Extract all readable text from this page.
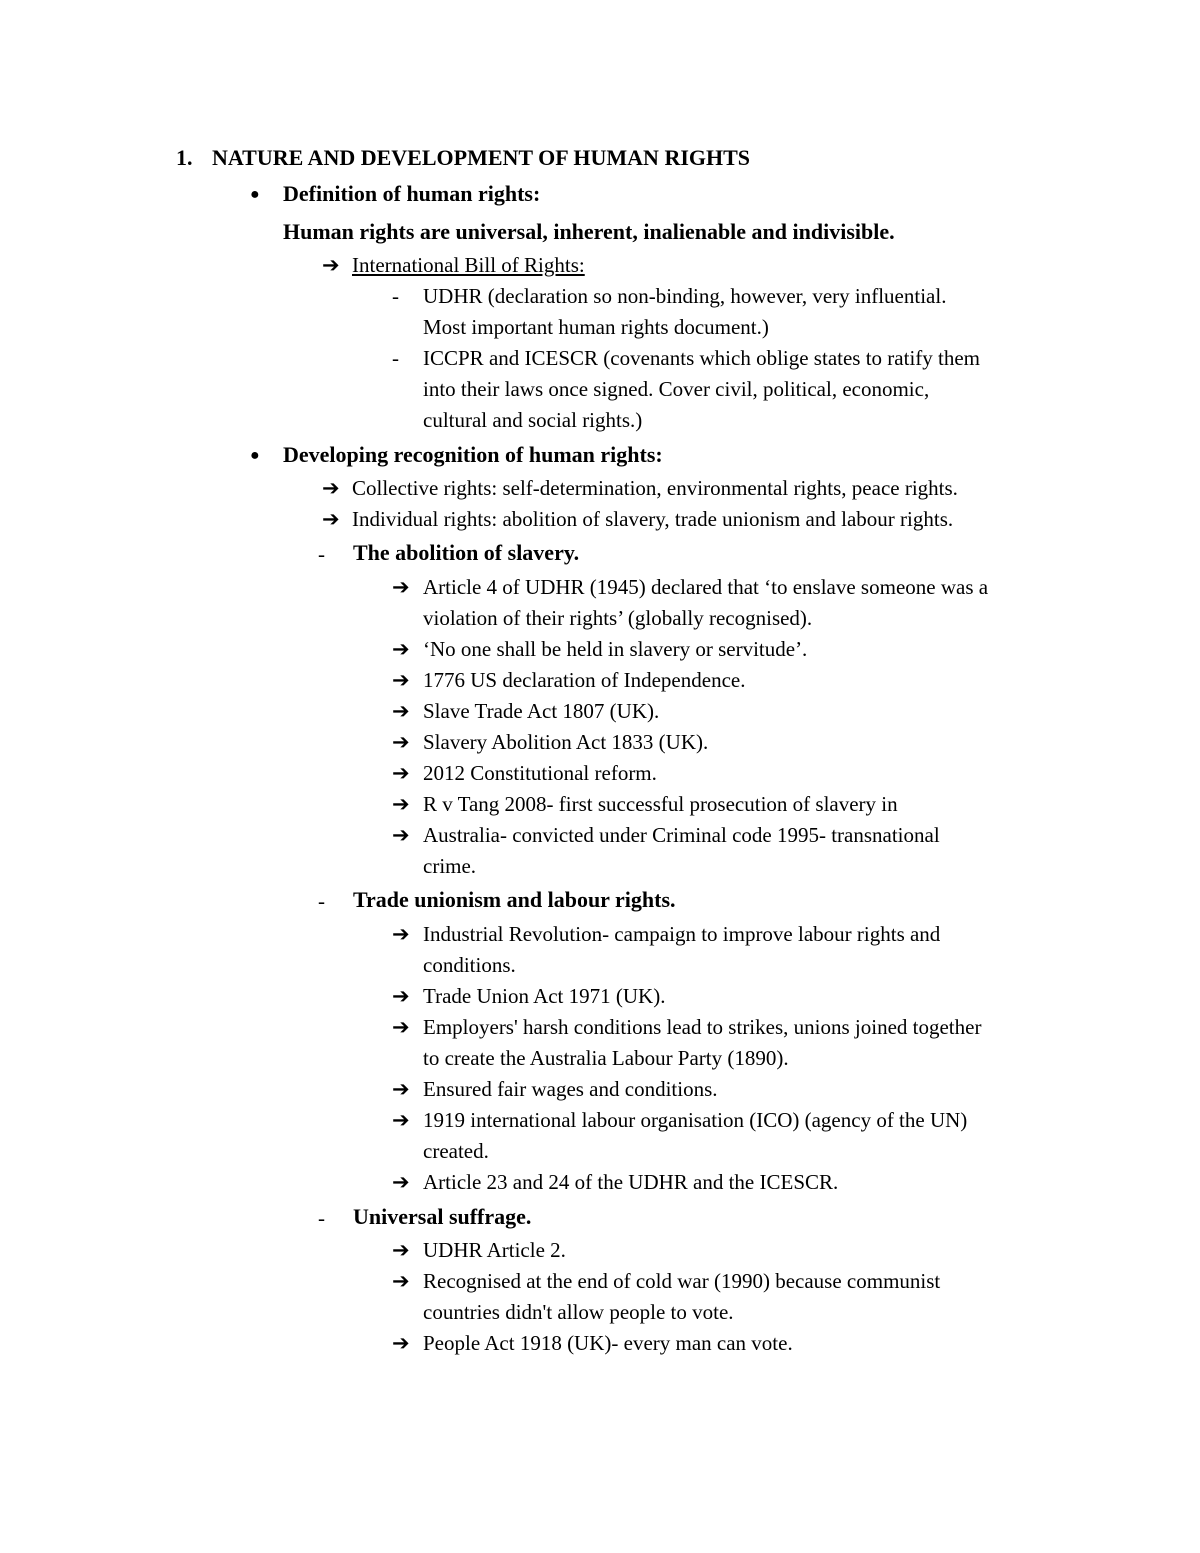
1. NATURE AND DEVELOPMENT OF HUMAN RIGHTS
● Definition of human rights:
Human rights are universal, inherent, inalienable and indivisible.
➔ International Bill of Rights:
- UDHR (declaration so non-binding, however, very influential.
Most important human rights document.)
- ICCPR and ICESCR (covenants which oblige states to ratify them
into their laws once signed. Cover civil, political, economic,
cultural and social rights.)
● Developing recognition of human rights:
➔ Collective rights: self-determination, environmental rights, peace rights.
➔ Individual rights: abolition of slavery, trade unionism and labour rights.
- The abolition of slavery.
➔ Article 4 of UDHR (1945) declared that ‘to enslave someone was a
violation of their rights’ (globally recognised).
➔ ‘No one shall be held in slavery or servitude’.
➔ 1776 US declaration of Independence.
➔ Slave Trade Act 1807 (UK).
➔ Slavery Abolition Act 1833 (UK).
➔ 2012 Constitutional reform.
➔ R v Tang 2008- first successful prosecution of slavery in
➔ Australia- convicted under Criminal code 1995- transnational
crime.
- Trade unionism and labour rights.
➔ Industrial Revolution- campaign to improve labour rights and
conditions.
➔ Trade Union Act 1971 (UK).
➔ Employers' harsh conditions lead to strikes, unions joined together
to create the Australia Labour Party (1890).
➔ Ensured fair wages and conditions.
➔ 1919 international labour organisation (ICO) (agency of the UN)
created.
➔ Article 23 and 24 of the UDHR and the ICESCR.
- Universal suffrage.
➔ UDHR Article 2.
➔ Recognised at the end of cold war (1990) because communist
countries didn't allow people to vote.
➔ People Act 1918 (UK)- every man can vote.
